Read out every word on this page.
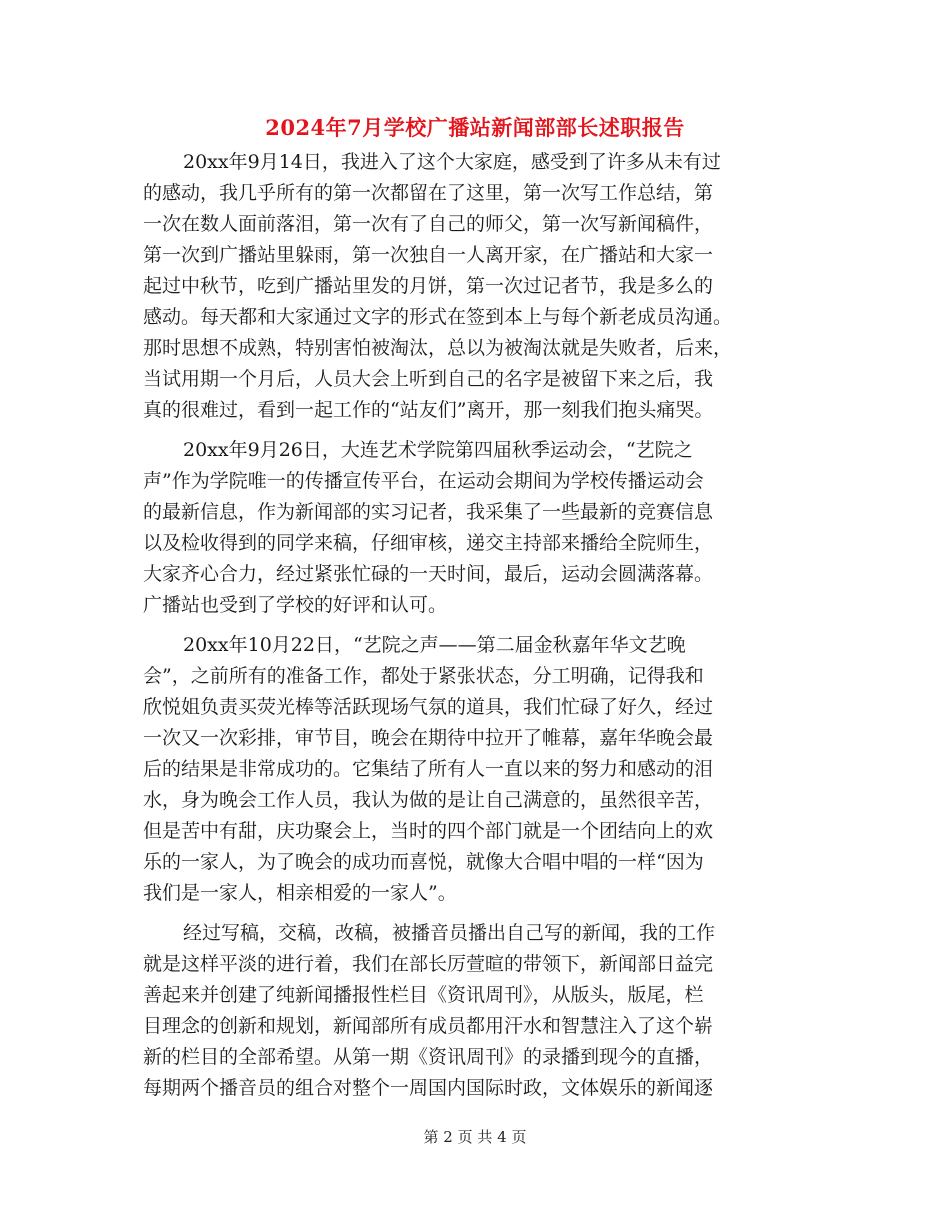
2024年7月学校广播站新闻部部长述职报告
20xx年9月14日，我进入了这个大家庭，感受到了许多从未有过
的感动，我几乎所有的第一次都留在了这里，第一次写工作总结，第
一次在数人面前落泪，第一次有了自己的师父，第一次写新闻稿件，
第一次到广播站里躲雨，第一次独自一人离开家，在广播站和大家一
起过中秋节，吃到广播站里发的月饼，第一次过记者节，我是多么的
感动。每天都和大家通过文字的形式在签到本上与每个新老成员沟通。
那时思想不成熟，特别害怕被淘汰，总以为被淘汰就是失败者，后来，
当试用期一个月后，人员大会上听到自己的名字是被留下来之后，我
真的很难过，看到一起工作的“站友们”离开，那一刻我们抱头痛哭。
20xx年9月26日，大连艺术学院第四届秋季运动会，“艺院之
声”作为学院唯一的传播宣传平台，在运动会期间为学校传播运动会
的最新信息，作为新闻部的实习记者，我采集了一些最新的竞赛信息
以及检收得到的同学来稿，仔细审核，递交主持部来播给全院师生，
大家齐心合力，经过紧张忙碌的一天时间，最后，运动会圆满落幕。
广播站也受到了学校的好评和认可。
20xx年10月22日，“艺院之声——第二届金秋嘉年华文艺晚
会”，之前所有的准备工作，都处于紧张状态，分工明确，记得我和
欣悦姐负责买荧光棒等活跃现场气氛的道具，我们忙碌了好久，经过
一次又一次彩排，审节目，晚会在期待中拉开了帷幕，嘉年华晚会最
后的结果是非常成功的。它集结了所有人一直以来的努力和感动的泪
水，身为晚会工作人员，我认为做的是让自己满意的，虽然很辛苦，
但是苦中有甜，庆功聚会上，当时的四个部门就是一个团结向上的欢
乐的一家人，为了晚会的成功而喜悦，就像大合唱中唱的一样“因为
我们是一家人，相亲相爱的一家人”。
经过写稿，交稿，改稿，被播音员播出自己写的新闻，我的工作
就是这样平淡的进行着，我们在部长厉萱暄的带领下，新闻部日益完
善起来并创建了纯新闻播报性栏目《资讯周刊》，从版头，版尾，栏
目理念的创新和规划，新闻部所有成员都用汗水和智慧注入了这个崭
新的栏目的全部希望。从第一期《资讯周刊》的录播到现今的直播，
每期两个播音员的组合对整个一周国内国际时政，文体娱乐的新闻逐
第 2 页 共 4 页
